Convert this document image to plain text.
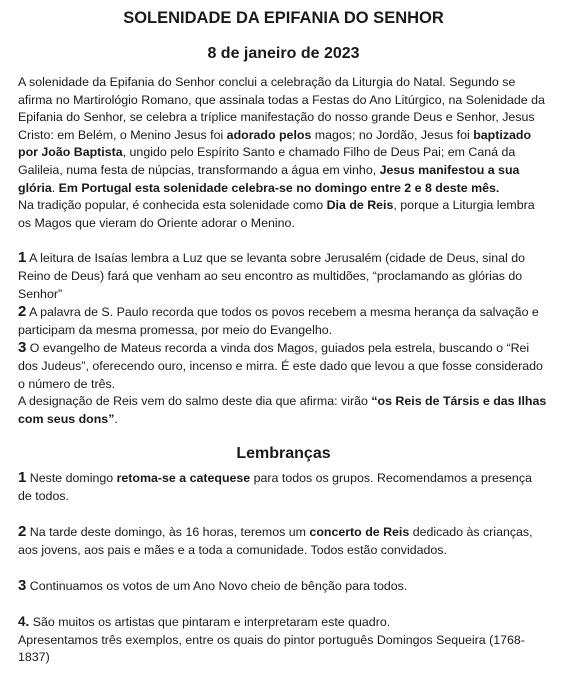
SOLENIDADE DA EPIFANIA DO SENHOR
8 de janeiro de 2023

A solenidade da Epifania do Senhor conclui a celebração da Liturgia do Natal. Segundo se afirma no Martirológio Romano, que assinala todas a Festas do Ano Litúrgico, na Solenidade da Epifania do Senhor, se celebra a tríplice manifestação do nosso grande Deus e Senhor, Jesus Cristo: em Belém, o Menino Jesus foi adorado pelos magos; no Jordão, Jesus foi baptizado por João Baptista, ungido pelo Espírito Santo e chamado Filho de Deus Pai; em Caná da Galileia, numa festa de núpcias, transformando a água em vinho, Jesus manifestou a sua glória. Em Portugal esta solenidade celebra-se no domingo entre 2 e 8 deste mês.

Na tradição popular, é conhecida esta solenidade como Dia de Reis, porque a Liturgia lembra os Magos que vieram do Oriente adorar o Menino.

1 A leitura de Isaías lembra a Luz que se levanta sobre Jerusalém (cidade de Deus, sinal do Reino de Deus) fará que venham ao seu encontro as multidões, “proclamando as glórias do Senhor”

2 A palavra de S. Paulo recorda que todos os povos recebem a mesma herança da salvação e participam da mesma promessa, por meio do Evangelho.

3 O evangelho de Mateus recorda a vinda dos Magos, guiados pela estrela, buscando o “Rei dos Judeus”, oferecendo ouro, incenso e mirra. É este dado que levou a que fosse considerado o número de três.

A designação de Reis vem do salmo deste dia que afirma: virão “os Reis de Társis e das Ilhas com seus dons”.

Lembranças

1 Neste domingo retoma-se a catequese para todos os grupos. Recomendamos a presença de todos.

2 Na tarde deste domingo, às 16 horas, teremos um concerto de Reis dedicado às crianças, aos jovens, aos pais e mães e a toda a comunidade. Todos estão convidados.

3 Continuamos os votos de um Ano Novo cheio de bênção para todos.

4. São muitos os artistas que pintaram e interpretaram este quadro.

Apresentamos três exemplos, entre os quais do pintor português Domingos Sequeira (1768-1837)
